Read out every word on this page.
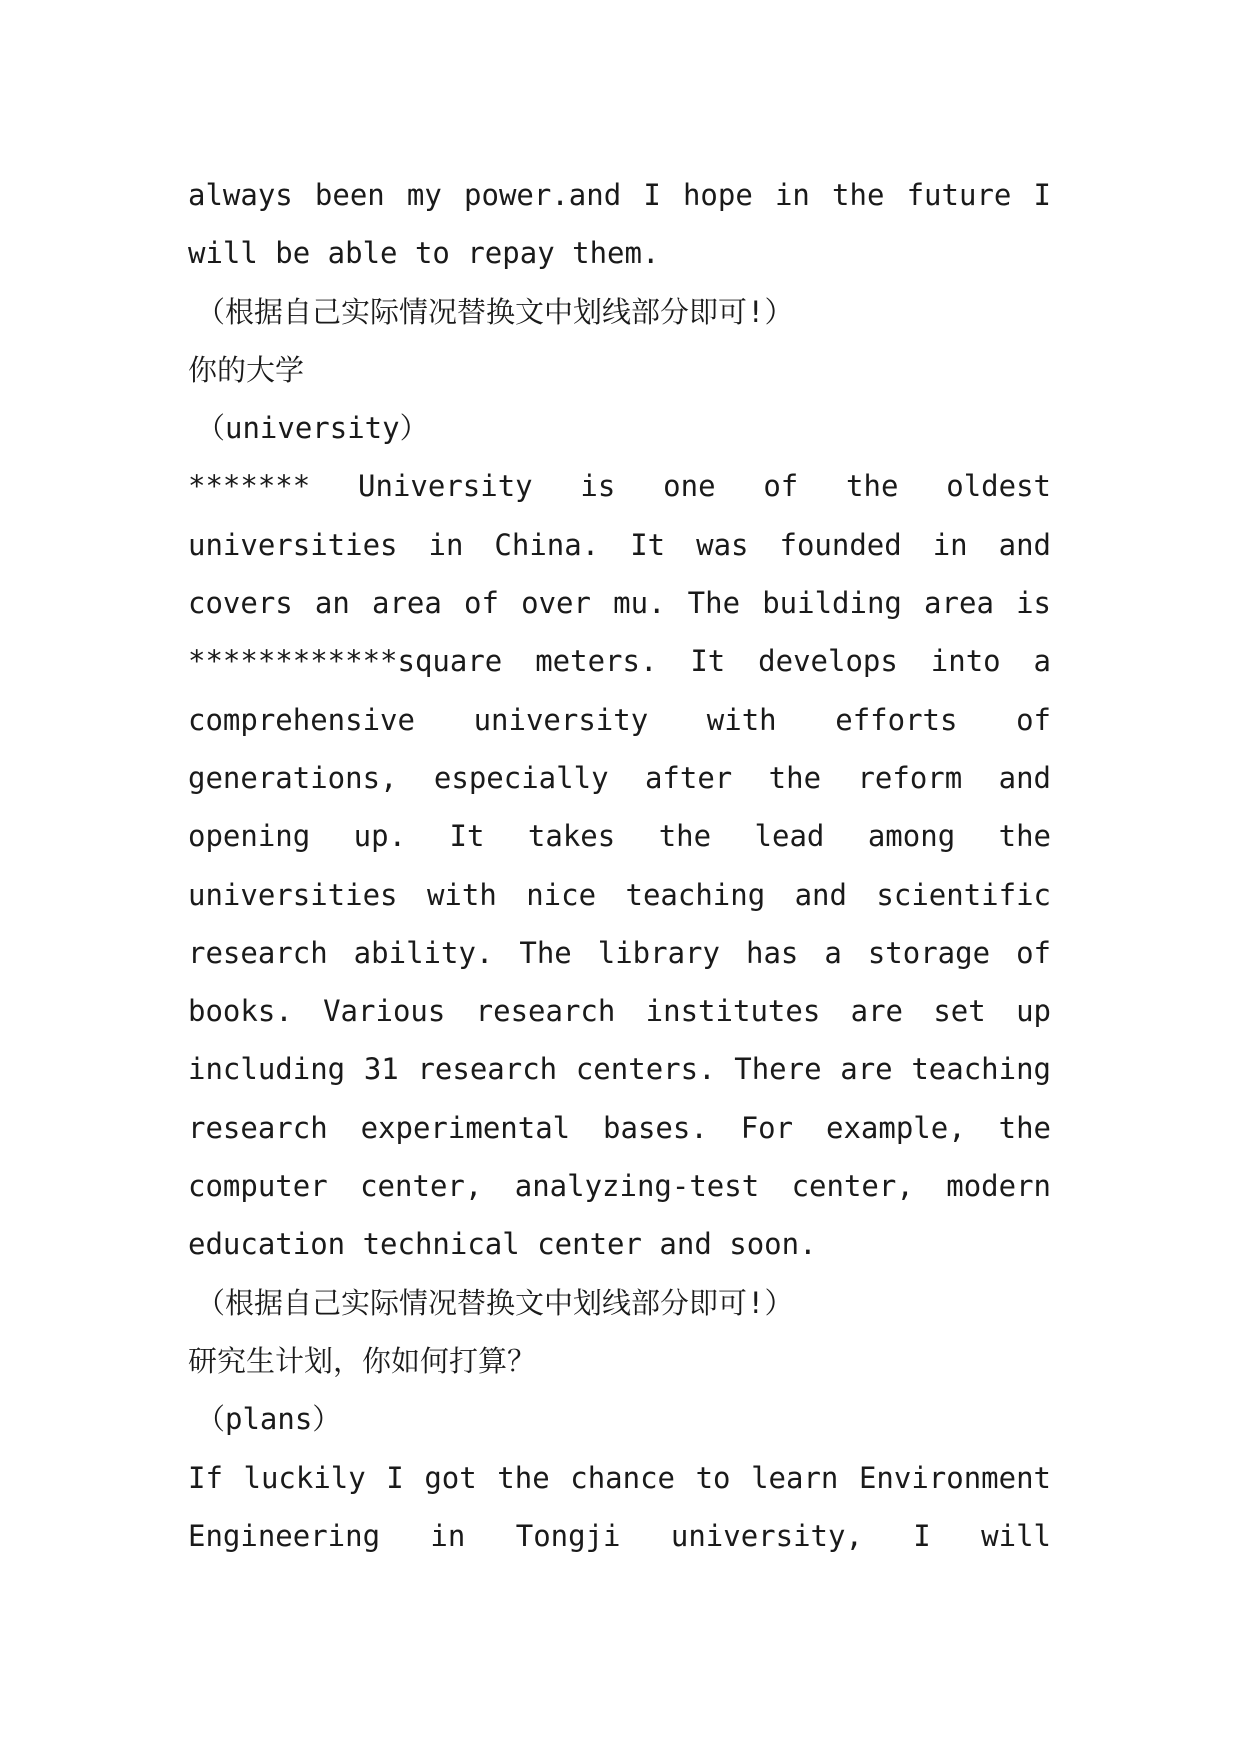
always been my power.and I hope in the future I
will be able to repay them.
（根据自己实际情况替换文中划线部分即可!）
你的大学
（university）
******* University is one of the oldest
universities in China. It was founded in and
covers an area of over mu. The building area is
************square meters. It develops into a
comprehensive university with efforts of
generations, especially after the reform and
opening up. It takes the lead among the
universities with nice teaching and scientific
research ability. The library has a storage of
books. Various research institutes are set up
including 31 research centers. There are teaching
research experimental bases. For example, the
computer center, analyzing-test center, modern
education technical center and soon.
（根据自己实际情况替换文中划线部分即可!）
研究生计划，你如何打算？
（plans）
If luckily I got the chance to learn Environment
Engineering in Tongji university, I will
